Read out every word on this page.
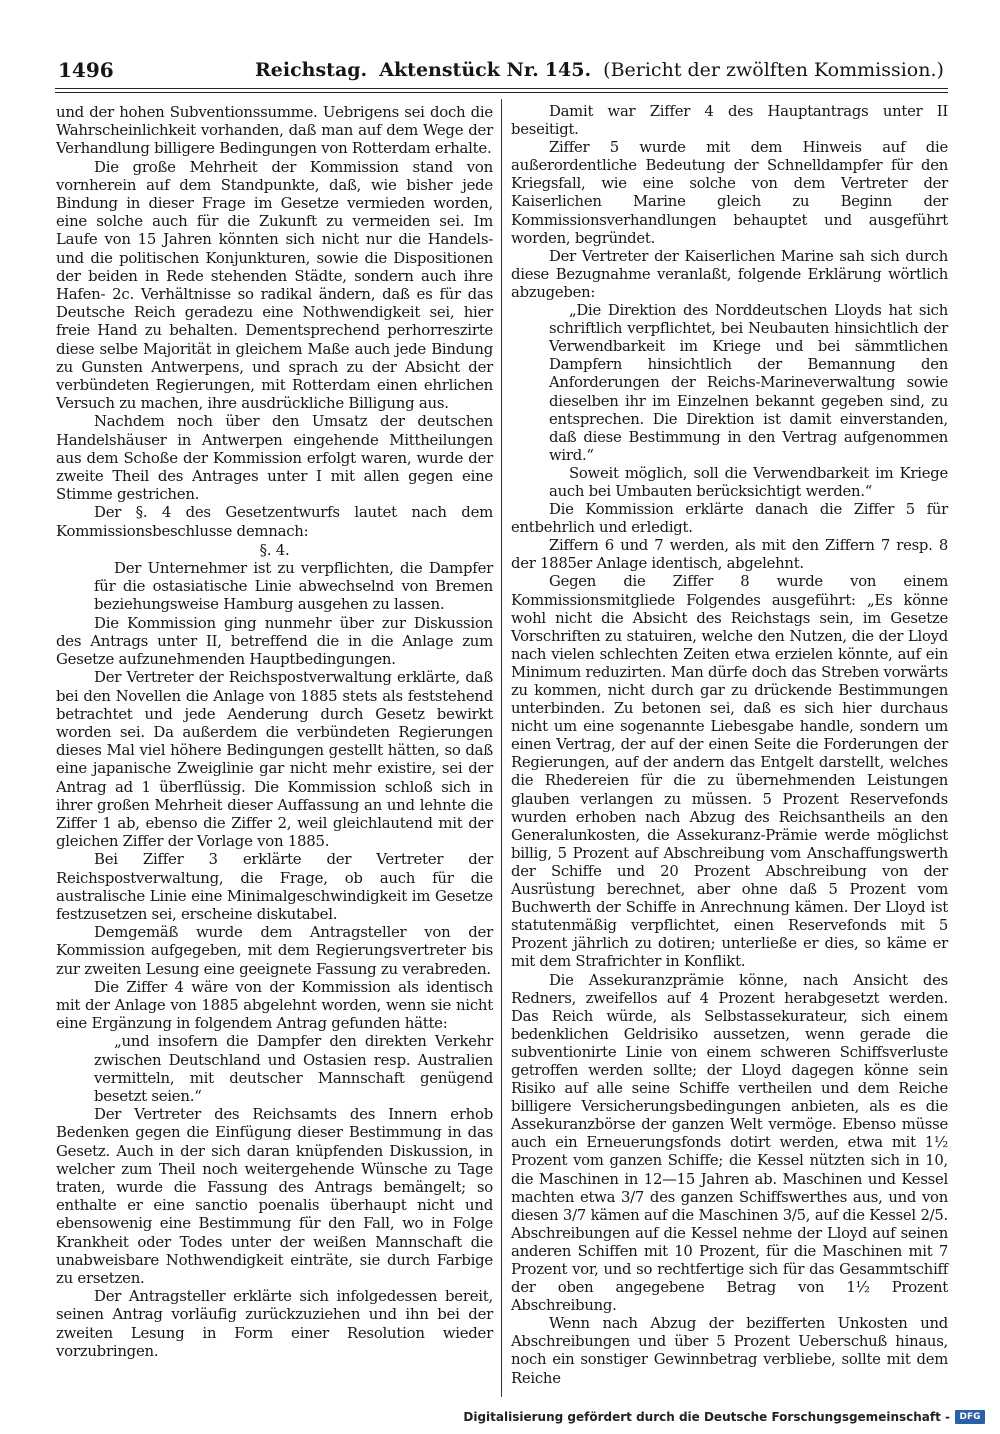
1496	Reichstag. Aktenstück Nr. 145. (Bericht der zwölften Kommission.)

und der hohen Subventionssumme. Uebrigens sei doch die Wahrscheinlichkeit vorhanden, daß man auf dem Wege der Verhandlung billigere Bedingungen von Rotterdam erhalte.

Die große Mehrheit der Kommission stand von vornherein auf dem Standpunkte, daß, wie bisher jede Bindung in dieser Frage im Gesetze vermieden worden, eine solche auch für die Zukunft zu vermeiden sei. Im Laufe von 15 Jahren könnten sich nicht nur die Handels- und die politischen Konjunkturen, sowie die Dispositionen der beiden in Rede stehenden Städte, sondern auch ihre Hafen- 2c. Verhältnisse so radikal ändern, daß es für das Deutsche Reich geradezu eine Nothwendigkeit sei, hier freie Hand zu behalten. Dementsprechend perhorreszirte diese selbe Majorität in gleichem Maße auch jede Bindung zu Gunsten Antwerpens, und sprach zu der Absicht der verbündeten Regierungen, mit Rotterdam einen ehrlichen Versuch zu machen, ihre ausdrückliche Billigung aus.

Nachdem noch über den Umsatz der deutschen Handelshäuser in Antwerpen eingehende Mittheilungen aus dem Schoße der Kommission erfolgt waren, wurde der zweite Theil des Antrages unter I mit allen gegen eine Stimme gestrichen.

Der §. 4 des Gesetzentwurfs lautet nach dem Kommissionsbeschlusse demnach:

§. 4.

Der Unternehmer ist zu verpflichten, die Dampfer für die ostasiatische Linie abwechselnd von Bremen beziehungsweise Hamburg ausgehen zu lassen.

Die Kommission ging nunmehr über zur Diskussion des Antrags unter II, betreffend die in die Anlage zum Gesetze aufzunehmenden Hauptbedingungen.

Der Vertreter der Reichspostverwaltung erklärte, daß bei den Novellen die Anlage von 1885 stets als feststehend betrachtet und jede Aenderung durch Gesetz bewirkt worden sei. Da außerdem die verbündeten Regierungen dieses Mal viel höhere Bedingungen gestellt hätten, so daß eine japanische Zweiglinie gar nicht mehr existire, sei der Antrag ad 1 überflüssig. Die Kommission schloß sich in ihrer großen Mehrheit dieser Auffassung an und lehnte die Ziffer 1 ab, ebenso die Ziffer 2, weil gleichlautend mit der gleichen Ziffer der Vorlage von 1885.

Bei Ziffer 3 erklärte der Vertreter der Reichspostverwaltung, die Frage, ob auch für die australische Linie eine Minimalgeschwindigkeit im Gesetze festzusetzen sei, erscheine diskutabel.

Demgemäß wurde dem Antragsteller von der Kommission aufgegeben, mit dem Regierungsvertreter bis zur zweiten Lesung eine geeignete Fassung zu verabreden.

Die Ziffer 4 wäre von der Kommission als identisch mit der Anlage von 1885 abgelehnt worden, wenn sie nicht eine Ergänzung in folgendem Antrag gefunden hätte:

„und insofern die Dampfer den direkten Verkehr zwischen Deutschland und Ostasien resp. Australien vermitteln, mit deutscher Mannschaft genügend besetzt seien.“

Der Vertreter des Reichsamts des Innern erhob Bedenken gegen die Einfügung dieser Bestimmung in das Gesetz. Auch in der sich daran knüpfenden Diskussion, in welcher zum Theil noch weitergehende Wünsche zu Tage traten, wurde die Fassung des Antrags bemängelt; so enthalte er eine sanctio poenalis überhaupt nicht und ebensowenig eine Bestimmung für den Fall, wo in Folge Krankheit oder Todes unter der weißen Mannschaft die unabweisbare Nothwendigkeit einträte, sie durch Farbige zu ersetzen.

Der Antragsteller erklärte sich infolgedessen bereit, seinen Antrag vorläufig zurückzuziehen und ihn bei der zweiten Lesung in Form einer Resolution wieder vorzubringen.

Damit war Ziffer 4 des Hauptantrags unter II beseitigt.

Ziffer 5 wurde mit dem Hinweis auf die außerordentliche Bedeutung der Schnelldampfer für den Kriegsfall, wie eine solche von dem Vertreter der Kaiserlichen Marine gleich zu Beginn der Kommissionsverhandlungen behauptet und ausgeführt worden, begründet.

Der Vertreter der Kaiserlichen Marine sah sich durch diese Bezugnahme veranlaßt, folgende Erklärung wörtlich abzugeben:

„Die Direktion des Norddeutschen Lloyds hat sich schriftlich verpflichtet, bei Neubauten hinsichtlich der Verwendbarkeit im Kriege und bei sämmtlichen Dampfern hinsichtlich der Bemannung den Anforderungen der Reichs-Marineverwaltung sowie dieselben ihr im Einzelnen bekannt gegeben sind, zu entsprechen. Die Direktion ist damit einverstanden, daß diese Bestimmung in den Vertrag aufgenommen wird.“

Soweit möglich, soll die Verwendbarkeit im Kriege auch bei Umbauten berücksichtigt werden.“

Die Kommission erklärte danach die Ziffer 5 für entbehrlich und erledigt.

Ziffern 6 und 7 werden, als mit den Ziffern 7 resp. 8 der 1885er Anlage identisch, abgelehnt.

Gegen die Ziffer 8 wurde von einem Kommissionsmitgliede Folgendes ausgeführt: „Es könne wohl nicht die Absicht des Reichstags sein, im Gesetze Vorschriften zu statuiren, welche den Nutzen, die der Lloyd nach vielen schlechten Zeiten etwa erzielen könnte, auf ein Minimum reduzirten. Man dürfe doch das Streben vorwärts zu kommen, nicht durch gar zu drückende Bestimmungen unterbinden. Zu betonen sei, daß es sich hier durchaus nicht um eine sogenannte Liebesgabe handle, sondern um einen Vertrag, der auf der einen Seite die Forderungen der Regierungen, auf der andern das Entgelt darstellt, welches die Rhedereien für die zu übernehmenden Leistungen glauben verlangen zu müssen. 5 Prozent Reservefonds wurden erhoben nach Abzug des Reichsantheils an den Generalunkosten, die Assekuranz-Prämie werde möglichst billig, 5 Prozent auf Abschreibung vom Anschaffungswerth der Schiffe und 20 Prozent Abschreibung von der Ausrüstung berechnet, aber ohne daß 5 Prozent vom Buchwerth der Schiffe in Anrechnung kämen. Der Lloyd ist statutenmäßig verpflichtet, einen Reservefonds mit 5 Prozent jährlich zu dotiren; unterließe er dies, so käme er mit dem Strafrichter in Konflikt.

Die Assekuranzprämie könne, nach Ansicht des Redners, zweifellos auf 4 Prozent herabgesetzt werden. Das Reich würde, als Selbstassekurateur, sich einem bedenklichen Geldrisiko aussetzen, wenn gerade die subventionirte Linie von einem schweren Schiffsverluste getroffen werden sollte; der Lloyd dagegen könne sein Risiko auf alle seine Schiffe vertheilen und dem Reiche billigere Versicherungsbedingungen anbieten, als es die Assekuranzbörse der ganzen Welt vermöge. Ebenso müsse auch ein Erneuerungsfonds dotirt werden, etwa mit 1½ Prozent vom ganzen Schiffe; die Kessel nützten sich in 10, die Maschinen in 12—15 Jahren ab. Maschinen und Kessel machten etwa 3/7 des ganzen Schiffswerthes aus, und von diesen 3/7 kämen auf die Maschinen 3/5, auf die Kessel 2/5. Abschreibungen auf die Kessel nehme der Lloyd auf seinen anderen Schiffen mit 10 Prozent, für die Maschinen mit 7 Prozent vor, und so rechtfertige sich für das Gesammtschiff der oben angegebene Betrag von 1½ Prozent Abschreibung.

Wenn nach Abzug der bezifferten Unkosten und Abschreibungen und über 5 Prozent Ueberschuß hinaus, noch ein sonstiger Gewinnbetrag verbliebe, sollte mit dem Reiche

Digitalisierung gefördert durch die Deutsche Forschungsgemeinschaft -	DFG
